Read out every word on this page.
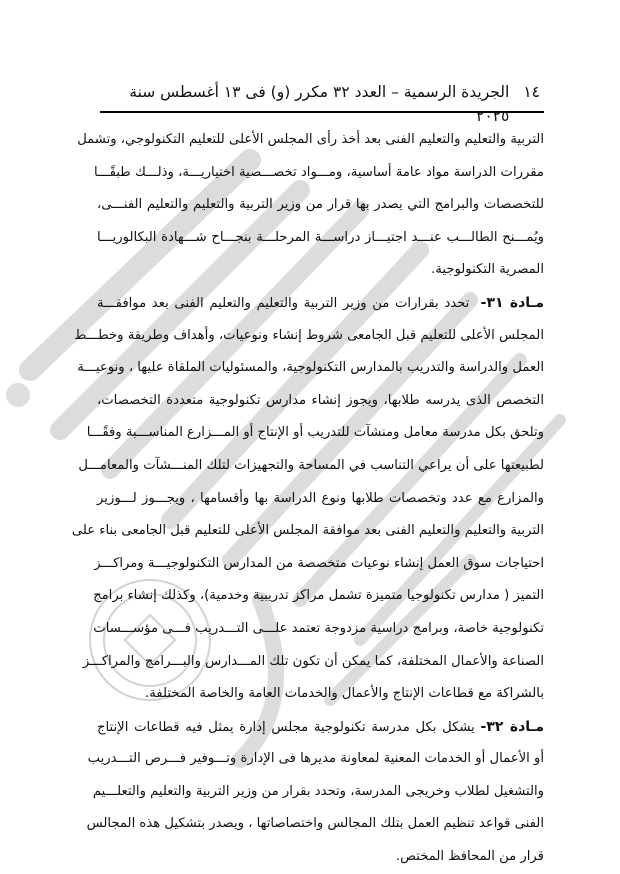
١٤
الجريدة الرسمية – العدد ٣٢ مكرر (و) فى ١٣ أغسطس سنة ٢٠٢٥
التربية والتعليم والتعليم الفنى بعد أخذ رأى المجلس الأعلى للتعليم التكنولوجي، وتشمل
مقررات الدراسة مواد عامة أساسية، ومـــواد تخصـــصية اختياريـــة، وذلـــك طبقًـــا
للتخصصات والبرامج التي يصدر بها قرار من وزير التربية والتعليم والتعليم الفنـــى،
ويُمـــنح الطالـــب عنـــد اجتيـــاز دراســـة المرحلـــة بنجـــاح شـــهادة البكالوريـــا
المصرية التكنولوجية.
مـادة ٣١-  تحدد بقرارات من وزير التربية والتعليم والتعليم الفنى بعد موافقـــة
المجلس الأعلى للتعليم قبل الجامعى شروط إنشاء ونوعيات، وأهداف وطريقة وخطـــط
العمل والدراسة والتدريب بالمدارس التكنولوجية، والمسئوليات الملقاة عليها ، ونوعيـــة
التخصص الذى يدرسه طلابها، ويجوز إنشاء مدارس تكنولوجية متعددة التخصصات،
وتلحق بكل مدرسة معامل ومنشآت للتدريب أو الإنتاج أو المـــزارع المناســـبة وفقًـــا
لطبيعتها على أن يراعي التناسب في المساحة والتجهيزات لتلك المنـــشآت والمعامـــل
والمزارع مع عدد وتخصصات طلابها ونوع الدراسة بها وأقسامها ، ويجـــوز لـــوزير
التربية والتعليم والتعليم الفنى بعد موافقة المجلس الأعلى للتعليم قبل الجامعى بناء على
احتياجات سوق العمل إنشاء نوعيات متخصصة من المدارس التكنولوجيـــة ومراكـــز
التميز ( مدارس تكنولوجيا متميزة تشمل مراكز تدريبية وخدمية)، وكذلك إنشاء برامج
تكنولوجية خاصة، وبرامج دراسية مزدوجة تعتمد علـــى التـــدريب فـــى مؤســـسات
الصناعة والأعمال المختلفة، كما يمكن أن تكون تلك المـــدارس والبـــرامج والمراكـــز
بالشراكة مع قطاعات الإنتاج والأعمال والخدمات العامة والخاصة المختلفة.
مـادة ٣٢- يشكل بكل مدرسة تكنولوجية مجلس إدارة يمثل فيه قطاعات الإنتاج
أو الأعمال أو الخدمات المعنية لمعاونة مديرها فى الإدارة وتـــوفير فـــرص التـــدريب
والتشغيل لطلاب وخريجى المدرسة، وتحدد بقرار من وزير التربية والتعليم والتعلـــيم
الفنى قواعد تنظيم العمل بتلك المجالس واختصاصاتها ، ويصدر بتشكيل هذه المجالس
قرار من المحافظ المختص.
